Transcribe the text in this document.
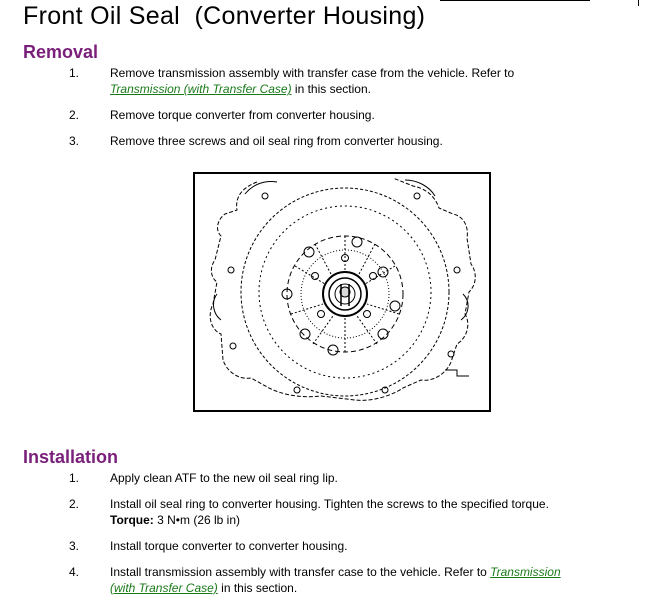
Front Oil Seal  (Converter Housing)
Removal
1.	Remove transmission assembly with transfer case from the vehicle. Refer to Transmission (with Transfer Case) in this section.
2.	Remove torque converter from converter housing.
3.	Remove three screws and oil seal ring from converter housing.
Installation
1.	Apply clean ATF to the new oil seal ring lip.
2.	Install oil seal ring to converter housing. Tighten the screws to the specified torque.
Torque: 3 N•m (26 lb in)
3.	Install torque converter to converter housing.
4.	Install transmission assembly with transfer case to the vehicle. Refer to Transmission
(with Transfer Case) in this section.
